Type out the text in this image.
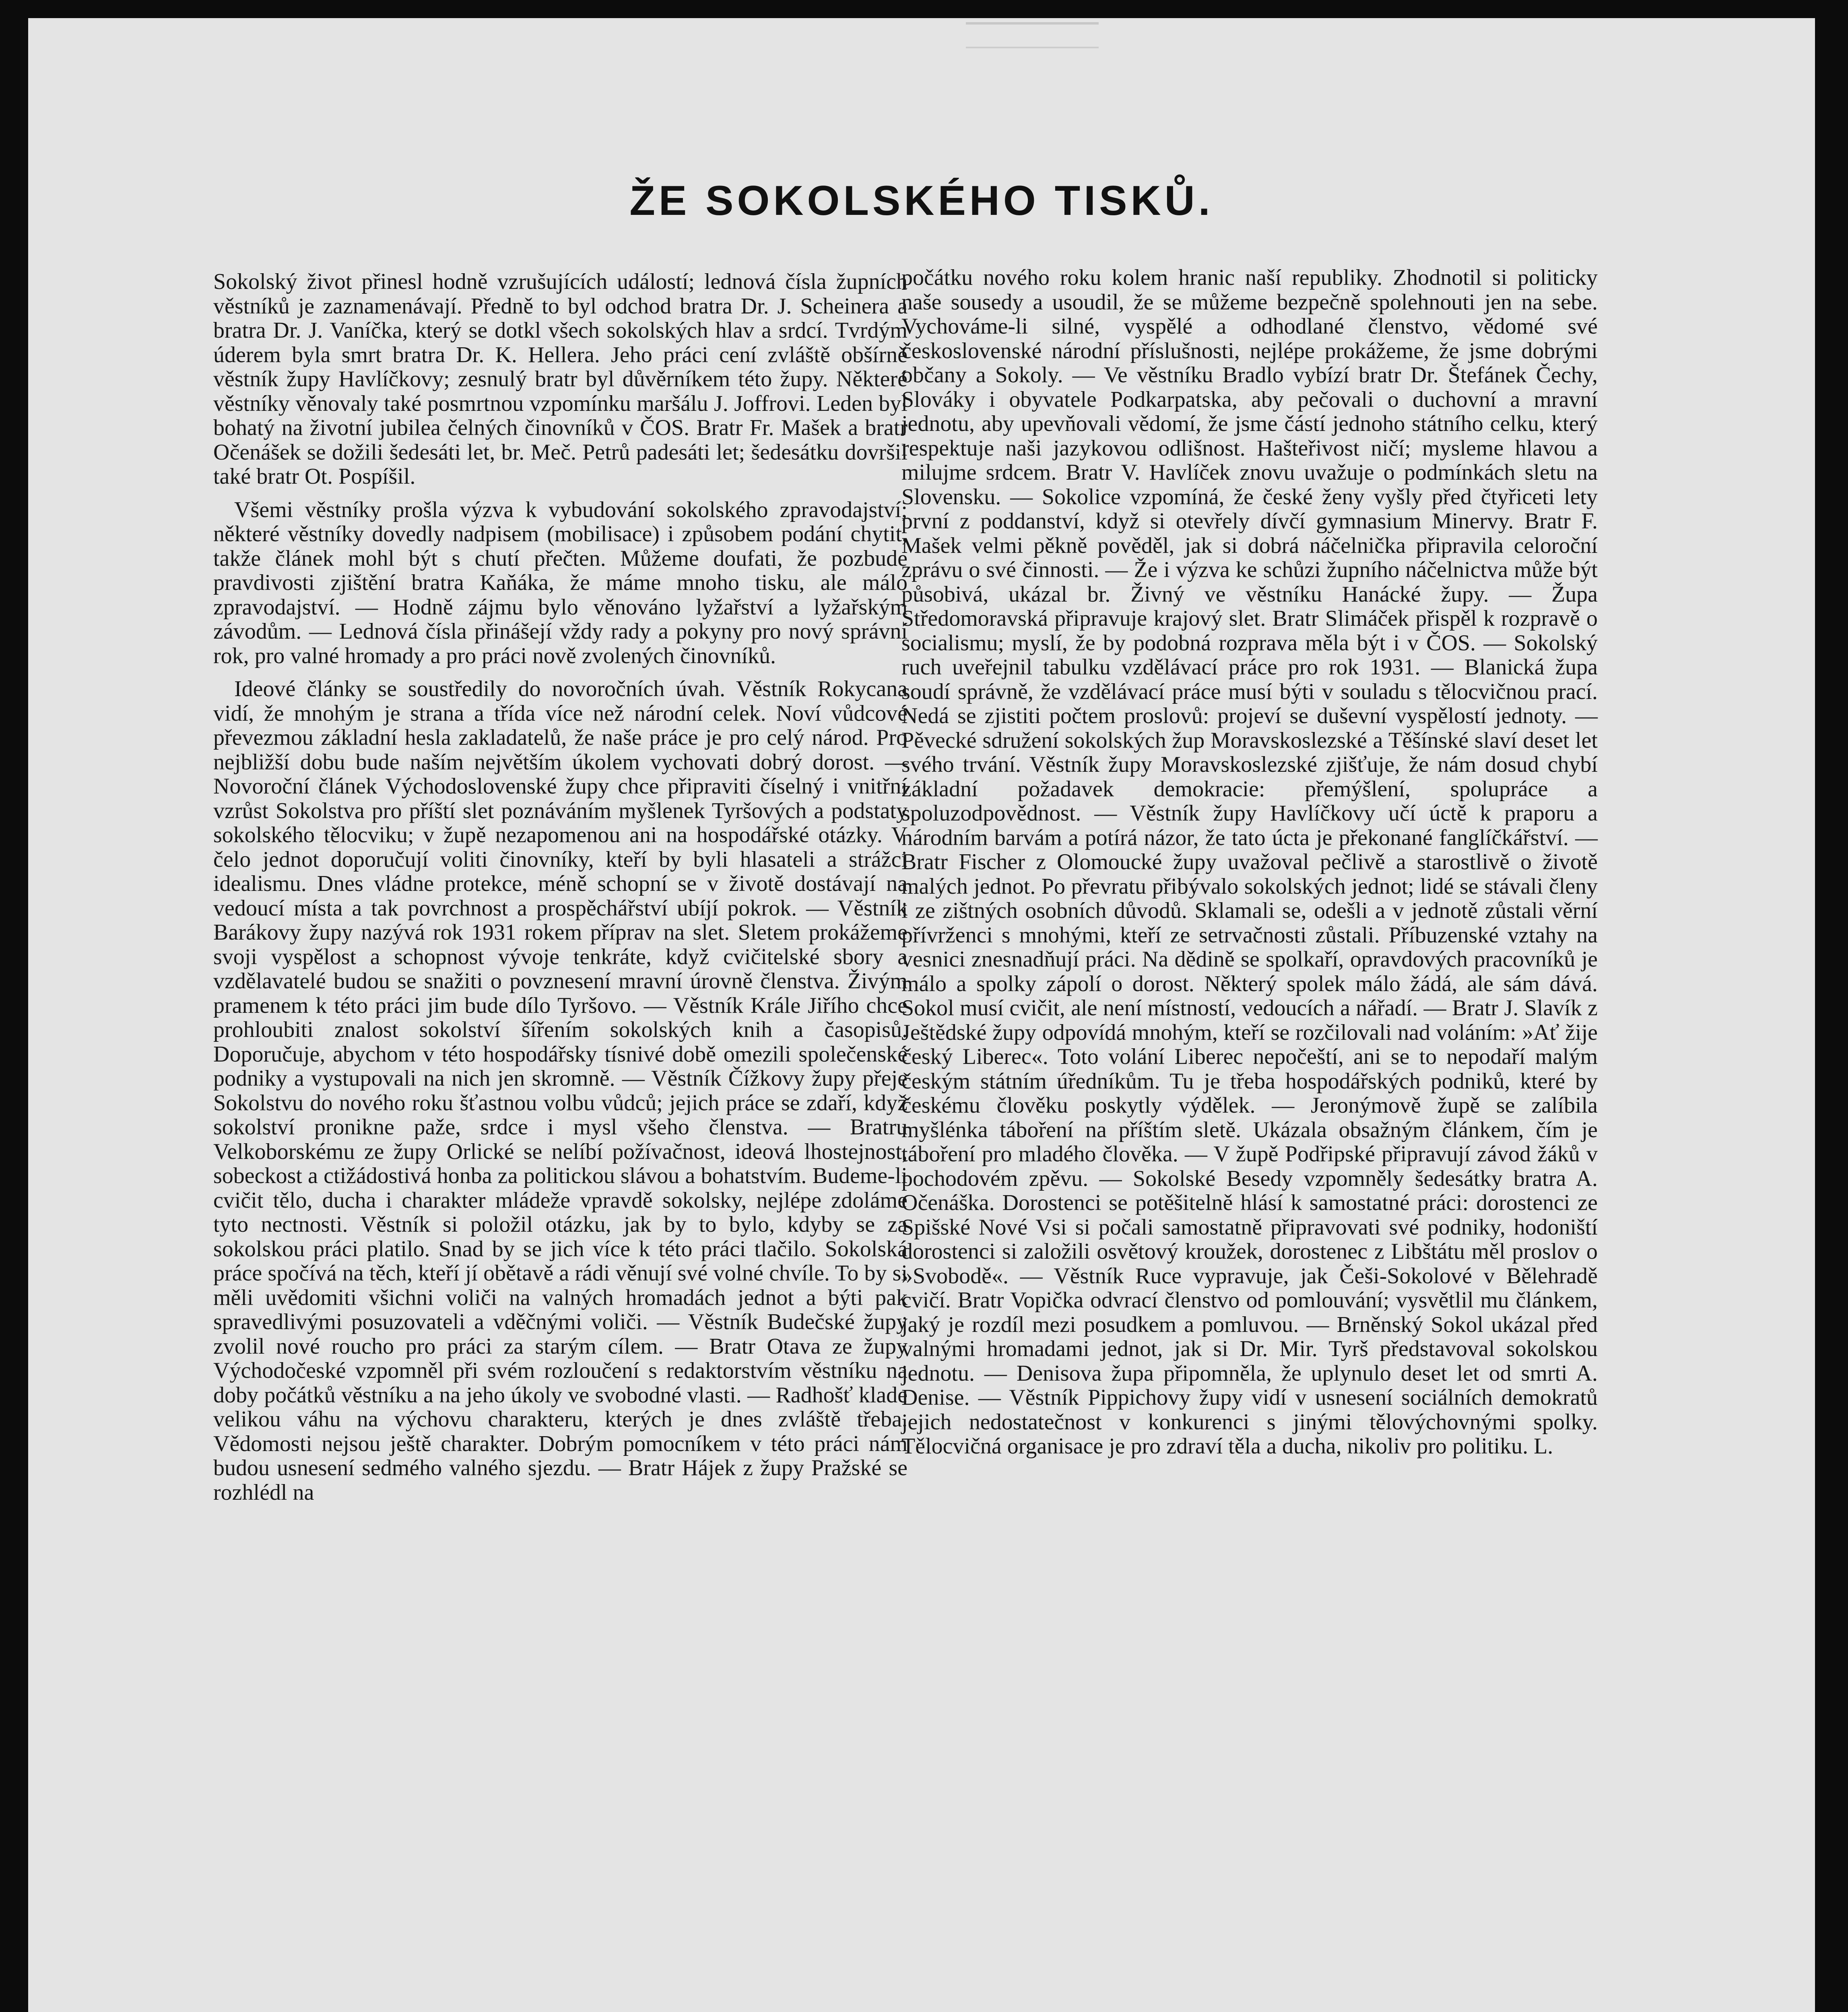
ŽE SOKOLSKÉHO TISKŮ.

Sokolský život přinesl hodně vzrušujících událostí; lednová čísla župních věstníků je zaznamenávají. Předně to byl odchod bratra Dr. J. Scheinera a bratra Dr. J. Vaníčka, který se dotkl všech sokolských hlav a srdcí. Tvrdým úderem byla smrt bratra Dr. K. Hellera. Jeho práci cení zvláště obšírně věstník župy Havlíčkovy; zesnulý bratr byl důvěrníkem této župy. Některé věstníky věnovaly také posmrtnou vzpomínku maršálu J. Joffrovi. Leden byl bohatý na životní jubilea čelných činovníků v ČOS. Bratr Fr. Mašek a bratr Očenášek se dožili šedesáti let, br. Meč. Petrů padesáti let; šedesátku dovršil také bratr Ot. Pospíšil.

Všemi věstníky prošla výzva k vybudování sokolského zpravodajství; některé věstníky dovedly nadpisem (mobilisace) i způsobem podání chytit, takže článek mohl být s chutí přečten. Můžeme doufati, že pozbude pravdivosti zjištění bratra Kaňáka, že máme mnoho tisku, ale málo zpravodajství. — Hodně zájmu bylo věnováno lyžařství a lyžařským závodům. — Lednová čísla přinášejí vždy rady a pokyny pro nový správní rok, pro valné hromady a pro práci nově zvolených činovníků.

Ideové články se soustředily do novoročních úvah. Věstník Rokycana vidí, že mnohým je strana a třída více než národní celek. Noví vůdcové převezmou základní hesla zakladatelů, že naše práce je pro celý národ. Pro nejbližší dobu bude naším největším úkolem vychovati dobrý dorost. — Novoroční článek Východoslovenské župy chce připraviti číselný i vnitřní vzrůst Sokolstva pro příští slet poznáváním myšlenek Tyršových a podstaty sokolského tělocviku; v župě nezapomenou ani na hospodářské otázky. V čelo jednot doporučují voliti činovníky, kteří by byli hlasateli a strážci idealismu. Dnes vládne protekce, méně schopní se v životě dostávají na vedoucí místa a tak povrchnost a prospěchářství ubíjí pokrok. — Věstník Barákovy župy nazývá rok 1931 rokem příprav na slet. Sletem prokážeme svoji vyspělost a schopnost vývoje tenkráte, když cvičitelské sbory a vzdělavatelé budou se snažiti o povznesení mravní úrovně členstva. Živým pramenem k této práci jim bude dílo Tyršovo. — Věstník Krále Jiřího chce prohloubiti znalost sokolství šířením sokolských knih a časopisů. Doporučuje, abychom v této hospodářsky tísnivé době omezili společenské podniky a vystupovali na nich jen skromně. — Věstník Čížkovy župy přeje Sokolstvu do nového roku šťastnou volbu vůdců; jejich práce se zdaří, když sokolství pronikne paže, srdce i mysl všeho členstva. — Bratru Velkoborskému ze župy Orlické se nelíbí požívačnost, ideová lhostejnost, sobeckost a ctižádostivá honba za politickou slávou a bohatstvím. Budeme-li cvičit tělo, ducha i charakter mládeže vpravdě sokolsky, nejlépe zdoláme tyto nectnosti. Věstník si položil otázku, jak by to bylo, kdyby se za sokolskou práci platilo. Snad by se jich více k této práci tlačilo. Sokolská práce spočívá na těch, kteří jí obětavě a rádi věnují své volné chvíle. To by si měli uvědomiti všichni voliči na valných hromadách jednot a býti pak spravedlivými posuzovateli a vděčnými voliči. — Věstník Budečské župy zvolil nové roucho pro práci za starým cílem. — Bratr Otava ze župy Východočeské vzpomněl při svém rozloučení s redaktorstvím věstníku na doby počátků věstníku a na jeho úkoly ve svobodné vlasti. — Radhošť klade velikou váhu na výchovu charakteru, kterých je dnes zvláště třeba. Vědomosti nejsou ještě charakter. Dobrým pomocníkem v této práci nám budou usnesení sedmého valného sjezdu. — Bratr Hájek z župy Pražské se rozhlédl na

počátku nového roku kolem hranic naší republiky. Zhodnotil si politicky naše sousedy a usoudil, že se můžeme bezpečně spolehnouti jen na sebe. Vychováme-li silné, vyspělé a odhodlané členstvo, vědomé své československé národní příslušnosti, nejlépe prokážeme, že jsme dobrými občany a Sokoly. — Ve věstníku Bradlo vybízí bratr Dr. Štefánek Čechy, Slováky i obyvatele Podkarpatska, aby pečovali o duchovní a mravní jednotu, aby upevňovali vědomí, že jsme částí jednoho státního celku, který respektuje naši jazykovou odlišnost. Hašteřivost ničí; mysleme hlavou a milujme srdcem. Bratr V. Havlíček znovu uvažuje o podmínkách sletu na Slovensku. — Sokolice vzpomíná, že české ženy vyšly před čtyřiceti lety první z poddanství, když si otevřely dívčí gymnasium Minervy. Bratr F. Mašek velmi pěkně pověděl, jak si dobrá náčelnička připravila celoroční zprávu o své činnosti. — Že i výzva ke schůzi župního náčelnictva může být působivá, ukázal br. Živný ve věstníku Hanácké župy. — Župa Středomoravská připravuje krajový slet. Bratr Slimáček přispěl k rozpravě o socialismu; myslí, že by podobná rozprava měla být i v ČOS. — Sokolský ruch uveřejnil tabulku vzdělávací práce pro rok 1931. — Blanická župa soudí správně, že vzdělávací práce musí býti v souladu s tělocvičnou prací. Nedá se zjistiti počtem proslovů: projeví se duševní vyspělostí jednoty. — Pěvecké sdružení sokolských žup Moravskoslezské a Těšínské slaví deset let svého trvání. Věstník župy Moravskoslezské zjišťuje, že nám dosud chybí základní požadavek demokracie: přemýšlení, spolupráce a spoluzodpovědnost. — Věstník župy Havlíčkovy učí úctě k praporu a národním barvám a potírá názor, že tato úcta je překonané fanglíčkářství. — Bratr Fischer z Olomoucké župy uvažoval pečlivě a starostlivě o životě malých jednot. Po převratu přibývalo sokolských jednot; lidé se stávali členy i ze zištných osobních důvodů. Sklamali se, odešli a v jednotě zůstali věrní přívrženci s mnohými, kteří ze setrvačnosti zůstali. Příbuzenské vztahy na vesnici znesnadňují práci. Na dědině se spolkaří, opravdových pracovníků je málo a spolky zápolí o dorost. Některý spolek málo žádá, ale sám dává. Sokol musí cvičit, ale není místností, vedoucích a nářadí. — Bratr J. Slavík z Ještědské župy odpovídá mnohým, kteří se rozčilovali nad voláním: »Ať žije český Liberec«. Toto volání Liberec nepočeští, ani se to nepodaří malým českým státním úředníkům. Tu je třeba hospodářských podniků, které by českému člověku poskytly výdělek. — Jeronýmově župě se zalíbila myšlénka táboření na příštím sletě. Ukázala obsažným článkem, čím je táboření pro mladého člověka. — V župě Podřipské připravují závod žáků v pochodovém zpěvu. — Sokolské Besedy vzpomněly šedesátky bratra A. Očenáška. Dorostenci se potěšitelně hlásí k samostatné práci: dorostenci ze Spišské Nové Vsi si počali samostatně připravovati své podniky, hodoniští dorostenci si založili osvětový kroužek, dorostenec z Libštátu měl proslov o »Svobodě«. — Věstník Ruce vypravuje, jak Češi-Sokolové v Bělehradě cvičí. Bratr Vopička odvrací členstvo od pomlouvání; vysvětlil mu článkem, jaký je rozdíl mezi posudkem a pomluvou. — Brněnský Sokol ukázal před valnými hromadami jednot, jak si Dr. Mir. Tyrš představoval sokolskou jednotu. — Denisova župa připomněla, že uplynulo deset let od smrti A. Denise. — Věstník Pippichovy župy vidí v usnesení sociálních demokratů jejich nedostatečnost v konkurenci s jinými tělovýchovnými spolky. Tělocvičná organisace je pro zdraví těla a ducha, nikoliv pro politiku. L.
